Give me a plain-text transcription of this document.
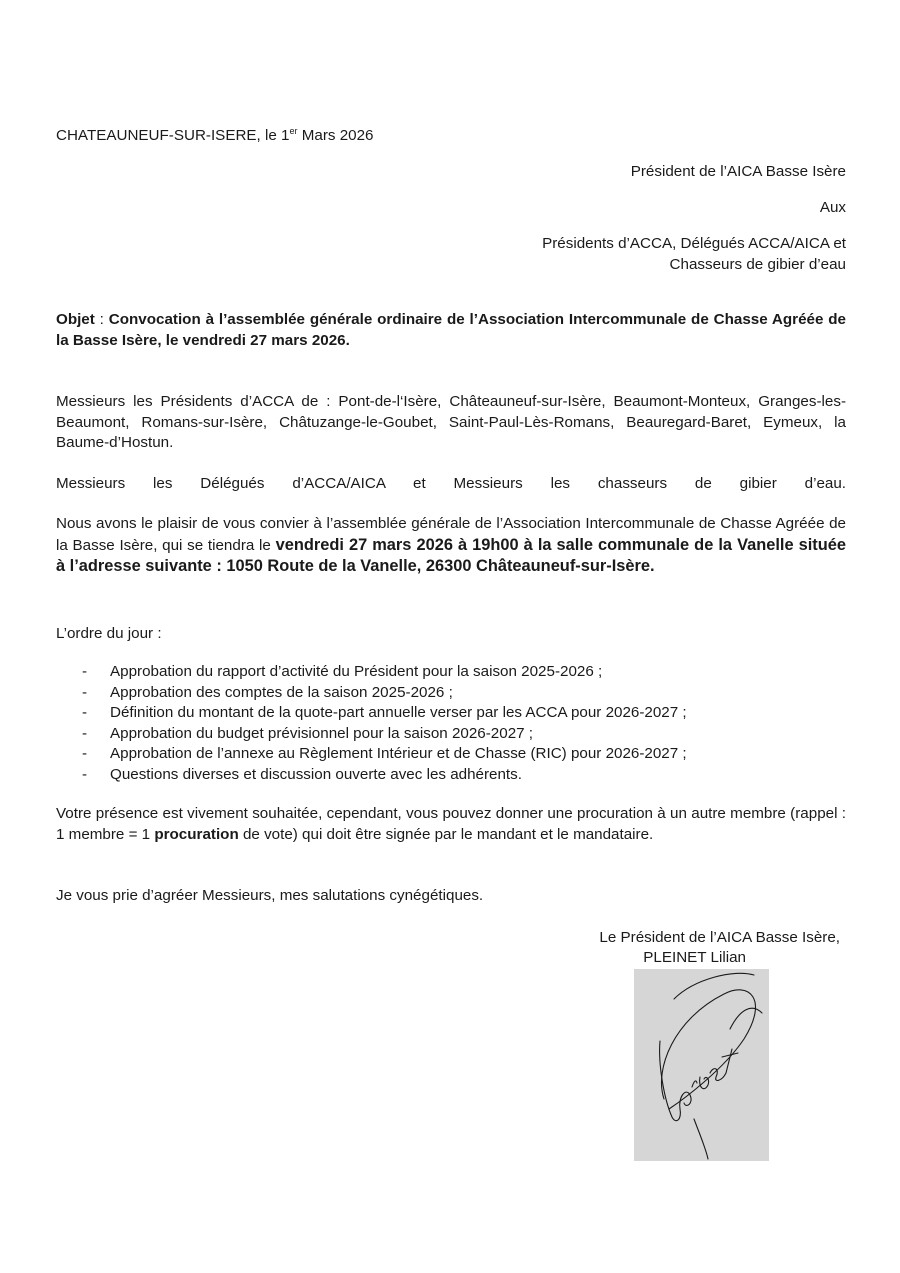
CHATEAUNEUF-SUR-ISERE, le 1er Mars 2026
Président de l’AICA Basse Isère
Aux
Présidents d’ACCA, Délégués ACCA/AICA et
Chasseurs de gibier d’eau
Objet : Convocation à l’assemblée générale ordinaire de l’Association Intercommunale de Chasse Agréée de la Basse Isère, le vendredi 27 mars 2026.
Messieurs les Présidents d’ACCA de : Pont-de-l‘Isère, Châteauneuf-sur-Isère, Beaumont-Monteux, Granges-les-Beaumont, Romans-sur-Isère, Châtuzange-le-Goubet, Saint-Paul-Lès-Romans, Beauregard-Baret, Eymeux, la Baume-d’Hostun.
Messieurs les Délégués d’ACCA/AICA et Messieurs les chasseurs de gibier d’eau.
Nous avons le plaisir de vous convier à l’assemblée générale de l’Association Intercommunale de Chasse Agréée de la Basse Isère, qui se tiendra le vendredi 27 mars 2026 à 19h00 à la salle communale de la Vanelle située à l’adresse suivante : 1050 Route de la Vanelle, 26300 Châteauneuf-sur-Isère.
L’ordre du jour :
- Approbation du rapport d’activité du Président pour la saison 2025-2026 ;
- Approbation des comptes de la saison 2025-2026 ;
- Définition du montant de la quote-part annuelle verser par les ACCA pour 2026-2027 ;
- Approbation du budget prévisionnel pour la saison 2026-2027 ;
- Approbation de l’annexe au Règlement Intérieur et de Chasse (RIC) pour 2026-2027 ;
- Questions diverses et discussion ouverte avec les adhérents.
Votre présence est vivement souhaitée, cependant, vous pouvez donner une procuration à un autre membre (rappel : 1 membre = 1 procuration de vote) qui doit être signée par le mandant et le mandataire.
Je vous prie d’agréer Messieurs, mes salutations cynégétiques.
Le Président de l’AICA Basse Isère,
PLEINET Lilian
